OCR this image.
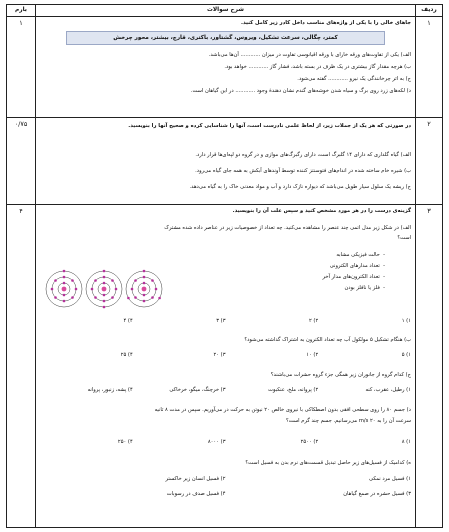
ردیف
شرح سوالات
بارم
۱
جاهای خالی را با یکی از واژه‌های مناسب داخل کادر زیر کامل کنید.
کمتر، چگالی، سرعت تشکیل، ویروس، گشتاور، باکتری، قارچ، بیشتر، محور چرخش
الف) یکی از تفاوت‌های ورقه خارای با ورقه اقیانوسی تفاوت در میزان ............ آن‌ها می‌باشد.
ب) هرچه مقدار گاز بیشتری در یک ظرف در بسته باشد، فشار گاز ............ خواهد بود.
ج) به اثر چرخانندگی یک نیرو ............ گفته می‌شود.
د) لکه‌های زرد روی برگ و سیاه شدن خوشه‌های گندم نشان دهندهٔ وجود ............ در این گیاهان است.
۱
۲
در صورتی که هر یک از جملات زیر، از لحاظ علمی نادرست است، آنها را شناسایی کرده و صحیح آنها را بنویسید.
الف) گیاه گلداری که دارای ۱۴ گلبرگ است، دارای رگبرگ‌های موازی و در گروه دو لپه‌ای‌ها قرار دارد.
ب) شیره خام ساخته شده در اندام‌های فتوسنتز کننده توسط آوندهای آبکش به همه جای گیاه می‌رود.
ج) ریشه یک سلول سیار طویل می‌باشد که دیواره نازک دارد و آب و مواد معدنی خاک را به گیاه می‌دهد.
۰/۷۵
۳
گزینه‌ی درست را در هر مورد مشخص کنید و سپس علت آن را بنویسید.
الف) در شکل زیر مدل اتمی چند عنصر را مشاهده می‌کنید. چه تعداد از خصوصیات زیر در عناصر داده شده مشترک
است؟
-  حالت فیزیکی مشابه
-  تعداد مدارهای الکترونی
-  تعداد الکترون‌های مدار آخر
-  فلز یا نافلز بودن
۱) ۱
۲) ۲
۳) ۳
۴) ۴
ب) هنگام تشکیل ۵ مولکول آب چه تعداد الکترون به اشتراک گذاشته می‌شود؟
۱) ۵
۲) ۱۰
۳) ۲۰
۴) ۲۵
ج) کدام گروه از جانوران زیر همگی جزء گروه حشرات می‌باشند؟
۱) رطیل، عقرب، کنه
۲) پروانه، ملخ، عنکبوت
۳) خرچنگ، میگو، خرخاکی
۴) پشه، زنبور، پروانه
د) جسم ۸۰ را روی سطحی افقی بدون اصطکاکی با نیروی خالص ۲۰ نیوتن به حرکت در می‌آوریم. سپس در مدت ۸ ثانیه
سرعت آن را به ۲۰ m/s می‌رسانیم. جسم چند گرم است؟
۱) ۸
۲) ۲۵۰۰
۳) ۸۰۰۰
۴) ۲۵۰
ه) کدامیک از فسیل‌های زیر حاصل تبدیل قسمت‌های نرم بدن به فسیل است؟
۱) فسیل مرد نمکی
۲) فسیل انسان زیر خاکستر
۳) فسیل حشره در صمغ گیاهان
۴) فسیل صدف در رسوبات
۴
